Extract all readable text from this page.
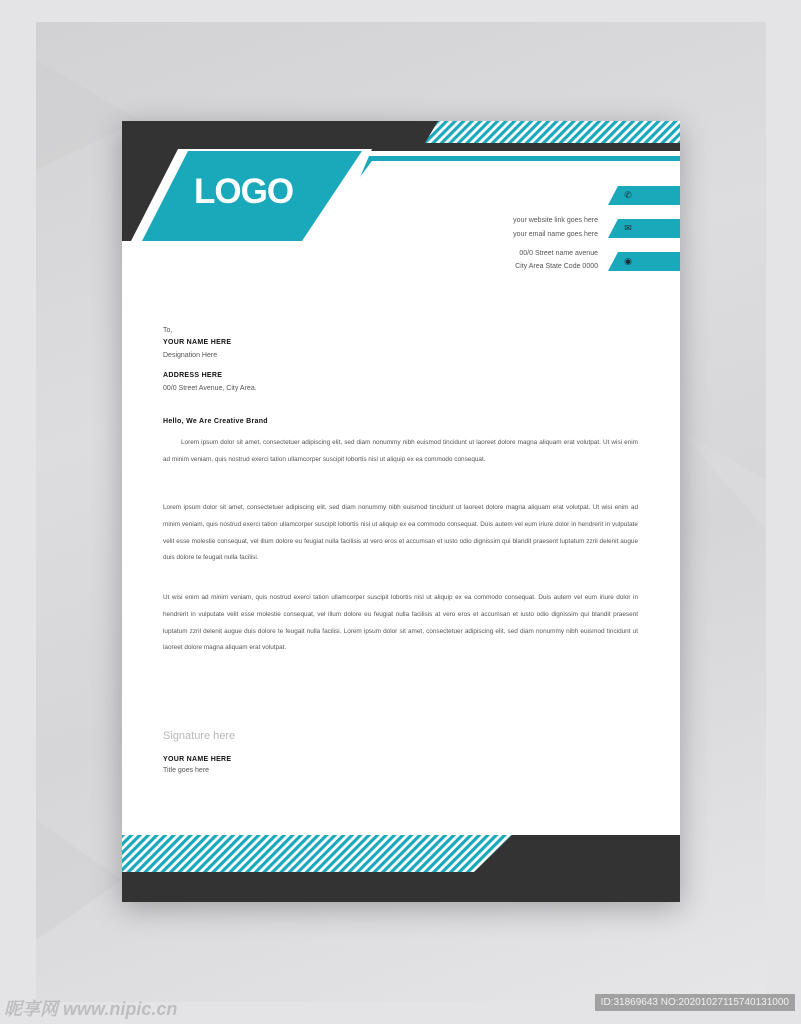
LOGO	✆
✉
◉
your website link goes here
your email name goes here
00/0 Street name avenue
City Area State Code 0000
To,
YOUR NAME HERE
Designation Here
ADDRESS HERE
00/0 Street Avenue, City Area.
Hello, We Are Creative Brand
Lorem ipsum dolor sit amet, consectetuer adipiscing elit, sed diam nonummy nibh euismod tincidunt ut laoreet dolore magna aliquam erat volutpat. Ut wisi enim ad minim veniam, quis nostrud exerci tation ullamcorper suscipit lobortis nisl ut aliquip ex ea commodo consequat.
Lorem ipsum dolor sit amet, consectetuer adipiscing elit, sed diam nonummy nibh euismod tincidunt ut laoreet dolore magna aliquam erat volutpat. Ut wisi enim ad minim veniam, quis nostrud exerci tation ullamcorper suscipit lobortis nisl ut aliquip ex ea commodo consequat. Duis autem vel eum iriure dolor in hendrerit in vulputate velit esse molestie consequat, vel illum dolore eu feugiat nulla facilisis at vero eros et accumsan et iusto odio dignissim qui blandit praesent luptatum zzril delenit augue duis dolore te feugait nulla facilisi.
Ut wisi enim ad minim veniam, quis nostrud exerci tation ullamcorper suscipit lobortis nisl ut aliquip ex ea commodo consequat. Duis autem vel eum iriure dolor in hendrerit in vulputate velit esse molestie consequat, vel illum dolore eu feugiat nulla facilisis at vero eros et accumsan et iusto odio dignissim qui blandit praesent luptatum zzril delenit augue duis dolore te feugait nulla facilisi. Lorem ipsum dolor sit amet, consectetuer adipiscing elit, sed diam nonummy nibh euismod tincidunt ut laoreet dolore magna aliquam erat volutpat.
Signature here
YOUR NAME HERE
Title goes here
昵享网 www.nipic.cn	ID:31869643 NO:20201027115740131000
